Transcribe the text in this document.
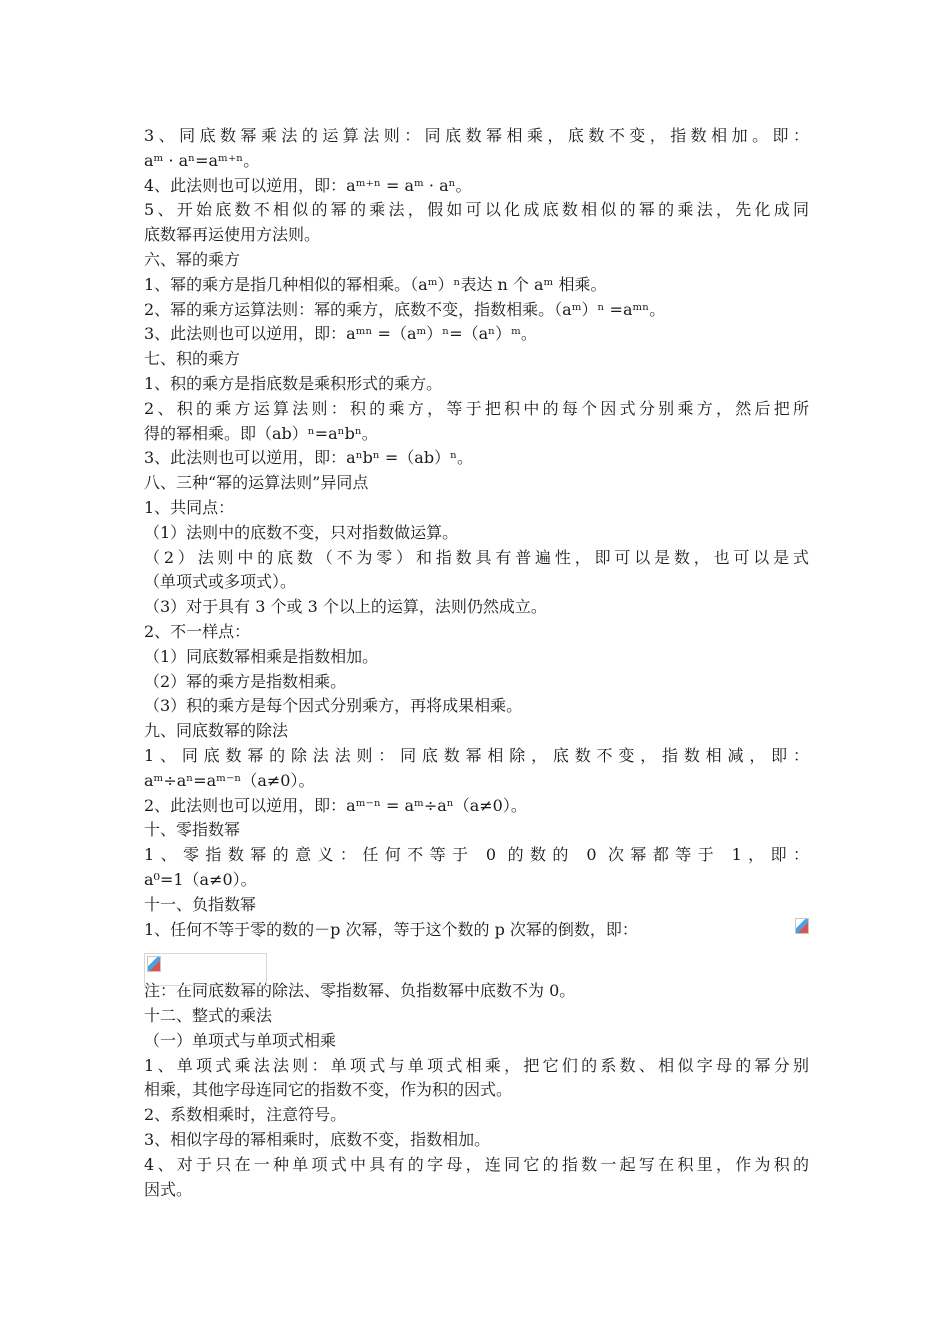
3、同底数幂乘法的运算法则：同底数幂相乘，底数不变，指数相加。即：
aᵐ · aⁿ=aᵐ⁺ⁿ。
4、此法则也可以逆用，即：aᵐ⁺ⁿ = aᵐ · aⁿ。
5、开始底数不相似的幂的乘法，假如可以化成底数相似的幂的乘法，先化成同
底数幂再运使用方法则。
六、幂的乘方
1、幂的乘方是指几种相似的幂相乘。（aᵐ）ⁿ表达 n 个 aᵐ 相乘。
2、幂的乘方运算法则：幂的乘方，底数不变，指数相乘。（aᵐ）ⁿ =aᵐⁿ。
3、此法则也可以逆用，即：aᵐⁿ =（aᵐ）ⁿ=（aⁿ）ᵐ。
七、积的乘方
1、积的乘方是指底数是乘积形式的乘方。
2、积的乘方运算法则：积的乘方，等于把积中的每个因式分别乘方，然后把所
得的幂相乘。即（ab）ⁿ=aⁿbⁿ。
3、此法则也可以逆用，即：aⁿbⁿ =（ab）ⁿ。
八、三种“幂的运算法则”异同点
1、共同点：
（1）法则中的底数不变，只对指数做运算。
（2）法则中的底数（不为零）和指数具有普遍性，即可以是数，也可以是式
（单项式或多项式）。
（3）对于具有 3 个或 3 个以上的运算，法则仍然成立。
2、不一样点：
（1）同底数幂相乘是指数相加。
（2）幂的乘方是指数相乘。
（3）积的乘方是每个因式分别乘方，再将成果相乘。
九、同底数幂的除法
1、同底数幂的除法法则：同底数幂相除，底数不变，指数相减，即：
aᵐ÷aⁿ=aᵐ⁻ⁿ（a≠0）。
2、此法则也可以逆用，即：aᵐ⁻ⁿ = aᵐ÷aⁿ（a≠0）。
十、零指数幂
1、零指数幂的意义：任何不等于 0 的数的 0 次幂都等于 1，即：
a⁰=1（a≠0）。
十一、负指数幂
1、任何不等于零的数的－p 次幂，等于这个数的 p 次幂的倒数，即：
注：在同底数幂的除法、零指数幂、负指数幂中底数不为 0。
十二、整式的乘法
（一）单项式与单项式相乘
1、单项式乘法法则：单项式与单项式相乘，把它们的系数、相似字母的幂分别
相乘，其他字母连同它的指数不变，作为积的因式。
2、系数相乘时，注意符号。
3、相似字母的幂相乘时，底数不变，指数相加。
4、对于只在一种单项式中具有的字母，连同它的指数一起写在积里，作为积的
因式。
